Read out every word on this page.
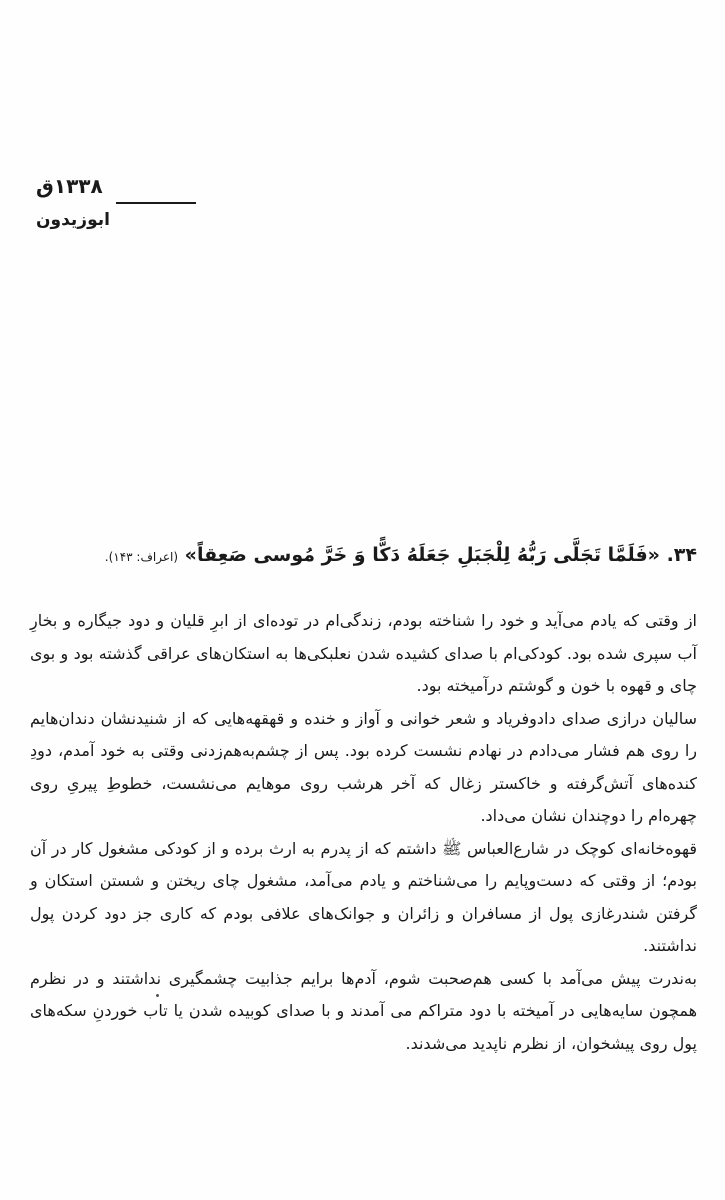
۱۳۳۸ق
ابوزیدون
۳۴. «فَلَمَّا تَجَلَّى رَبُّهُ لِلْجَبَلِ جَعَلَهُ دَكًّا وَ خَرَّ مُوسى صَعِقاً» (اعراف: ۱۴۳).

از وقتی که یادم می‌آید و خود را شناخته بودم، زندگی‌ام در توده‌ای از ابرِ قلیان و دود جیگاره و بخارِ آب سپری شده بود. کودکی‌ام با صدای کشیده شدن نعلبکی‌ها به استکان‌های عراقی گذشته بود و بوی چای و قهوه با خون و گوشتم درآمیخته بود.

سالیان درازی صدای دادوفریاد و شعر خوانی و آواز و خنده و قهقهه‌هایی که از شنیدنشان دندان‌هایم را روی هم فشار می‌دادم در نهادم نشست کرده بود. پس از چشم‌به‌هم‌زدنی وقتی به خود آمدم، دودِ کنده‌های آتش‌گرفته و خاکستر زغال که آخر هرشب روی موهایم می‌نشست، خطوطِ پیریِ روی چهره‌ام را دوچندان نشان می‌داد.

قهوه‌خانه‌ای کوچک در شارع‌العباس ﷺ داشتم که از پدرم به ارث برده و از کودکی مشغول کار در آن بودم؛ از وقتی که دست‌وپایم را می‌شناختم و یادم می‌آمد، مشغول چای ریختن و شستن استکان و گرفتن شندرغازی پول از مسافران و زائران و جوانک‌های علافی بودم که کاری جز دود کردن پول نداشتند.

به‌ندرت پیش می‌آمد با کسی هم‌صحبت شوم، آدم‌ها برایم جذابیت چشمگیری نداشتند و در نظرم همچون سایه‌هایی در آمیخته با دود متراکم می آمدند و با صدای کوبیده شدن یا تاب خوردنِ سکه‌های پول روی پیشخوان، از نظرم ناپدید می‌شدند.
